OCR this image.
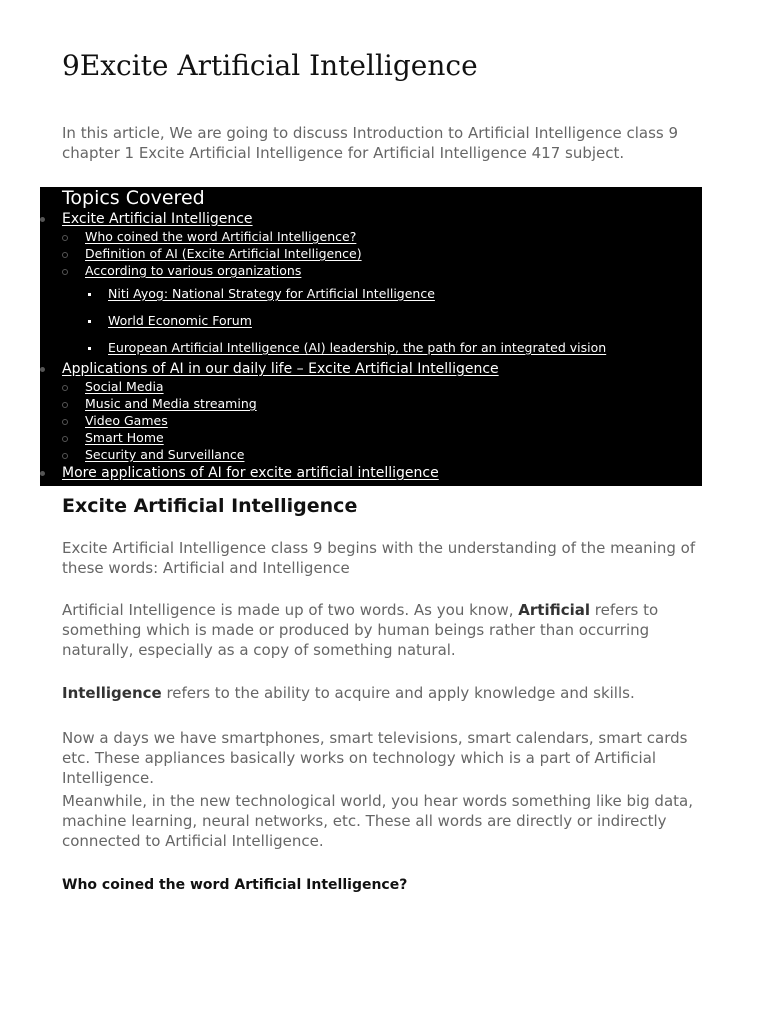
9Excite Artificial Intelligence

In this article, We are going to discuss Introduction to Artificial Intelligence class 9 chapter 1 Excite Artificial Intelligence for Artificial Intelligence 417 subject.

Topics Covered
Excite Artificial Intelligence
Who coined the word Artificial Intelligence?
Definition of AI (Excite Artificial Intelligence)
According to various organizations
Niti Ayog: National Strategy for Artificial Intelligence
World Economic Forum
European Artificial Intelligence (AI) leadership, the path for an integrated vision
Applications of AI in our daily life – Excite Artificial Intelligence
Social Media
Music and Media streaming
Video Games
Smart Home
Security and Surveillance
More applications of AI for excite artificial intelligence
Excite Artificial Intelligence

Excite Artificial Intelligence class 9 begins with the understanding of the meaning of these words: Artificial and Intelligence

Artificial Intelligence is made up of two words. As you know, Artificial refers to something which is made or produced by human beings rather than occurring naturally, especially as a copy of something natural.

Intelligence refers to the ability to acquire and apply knowledge and skills.

Now a days we have smartphones, smart televisions, smart calendars, smart cards etc. These appliances basically works on technology which is a part of Artificial Intelligence.

Meanwhile, in the new technological world, you hear words something like big data, machine learning, neural networks, etc. These all words are directly or indirectly connected to Artificial Intelligence.

Who coined the word Artificial Intelligence?
